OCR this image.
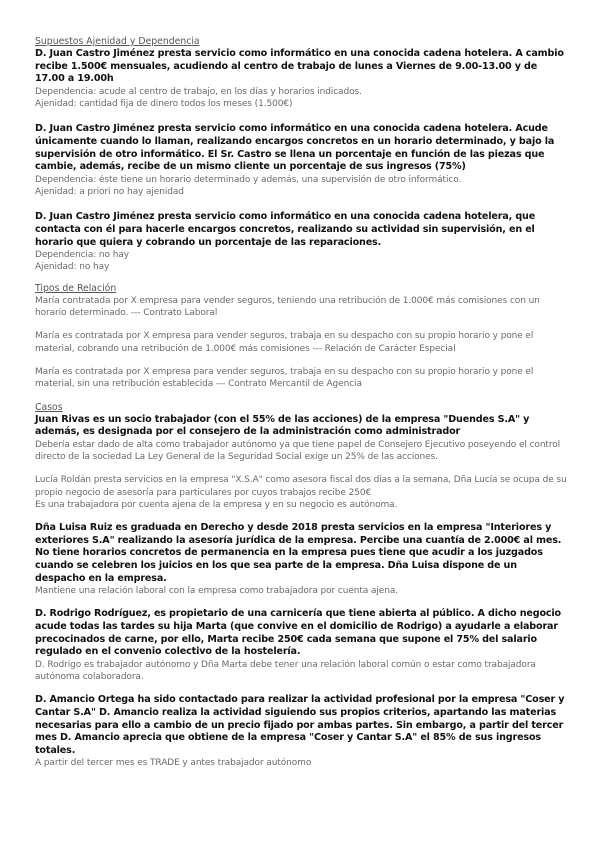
Supuestos Ajenidad y Dependencia

D. Juan Castro Jiménez presta servicio como informático en una conocida cadena hotelera. A cambio recibe 1.500€ mensuales, acudiendo al centro de trabajo de lunes a Viernes de 9.00-13.00 y de 17.00 a 19.00h

Dependencia: acude al centro de trabajo, en los días y horarios indicados.

Ajenidad: cantidad fija de dinero todos los meses (1.500€)

D. Juan Castro Jiménez presta servicio como informático en una conocida cadena hotelera. Acude únicamente cuando lo llaman, realizando encargos concretos en un horario determinado, y bajo la supervisión de otro informático. El Sr. Castro se llena un porcentaje en función de las piezas que cambie, además, recibe de un mismo cliente un porcentaje de sus ingresos (75%)

Dependencia: éste tiene un horario determinado y además, una supervisión de otro informático.

Ajenidad: a priori no hay ajenidad

D. Juan Castro Jiménez presta servicio como informático en una conocida cadena hotelera, que contacta con él para hacerle encargos concretos, realizando su actividad sin supervisión, en el horario que quiera y cobrando un porcentaje de las reparaciones.

Dependencia: no hay

Ajenidad: no hay

Tipos de Relación

María contratada por X empresa para vender seguros, teniendo una retribución de 1.000€ más comisiones con un horario determinado. --- Contrato Laboral

María es contratada por X empresa para vender seguros, trabaja en su despacho con su propio horario y pone el material, cobrando una retribución de 1.000€ más comisiones --- Relación de Carácter Especial

María es contratada por X empresa para vender seguros, trabaja en su despacho con su propio horario y pone el material, sin una retribución establecida --- Contrato Mercantil de Agencia

Casos

Juan Rivas es un socio trabajador (con el 55% de las acciones) de la empresa "Duendes S.A" y además, es designada por el consejero de la administración como administrador

Debería estar dado de alta como trabajador autónomo ya que tiene papel de Consejero Ejecutivo poseyendo el control directo de la sociedad La Ley General de la Seguridad Social exige un 25% de las acciones.

Lucía Roldán presta servicios en la empresa "X.S.A" como asesora fiscal dos días a la semana, Dña Lucía se ocupa de su propio negocio de asesoría para particulares por cuyos trabajos recibe 250€

Es una trabajadora por cuenta ajena de la empresa y en su negocio es autónoma.

Dña Luisa Ruiz es graduada en Derecho y desde 2018 presta servicios en la empresa "Interiores y exteriores S.A" realizando la asesoría jurídica de la empresa. Percibe una cuantía de 2.000€ al mes. No tiene horarios concretos de permanencia en la empresa pues tiene que acudir a los juzgados cuando se celebren los juicios en los que sea parte de la empresa. Dña Luisa dispone de un despacho en la empresa.

Mantiene una relación laboral con la empresa como trabajadora por cuenta ajena.

D. Rodrigo Rodríguez, es propietario de una carnicería que tiene abierta al público. A dicho negocio acude todas las tardes su hija Marta (que convive en el domicilio de Rodrigo) a ayudarle a elaborar precocinados de carne, por ello, Marta recibe 250€ cada semana que supone el 75% del salario regulado en el convenio colectivo de la hostelería.

D. Rodrigo es trabajador autónomo y Dña Marta debe tener una relación laboral común o estar como trabajadora autónoma colaboradora.

D. Amancio Ortega ha sido contactado para realizar la actividad profesional por la empresa "Coser y Cantar S.A" D. Amancio realiza la actividad siguiendo sus propios criterios, apartando las materias necesarias para ello a cambio de un precio fijado por ambas partes. Sin embargo, a partir del tercer mes D. Amancio aprecia que obtiene de la empresa "Coser y Cantar S.A" el 85% de sus ingresos totales.

A partir del tercer mes es TRADE y antes trabajador autónomo
